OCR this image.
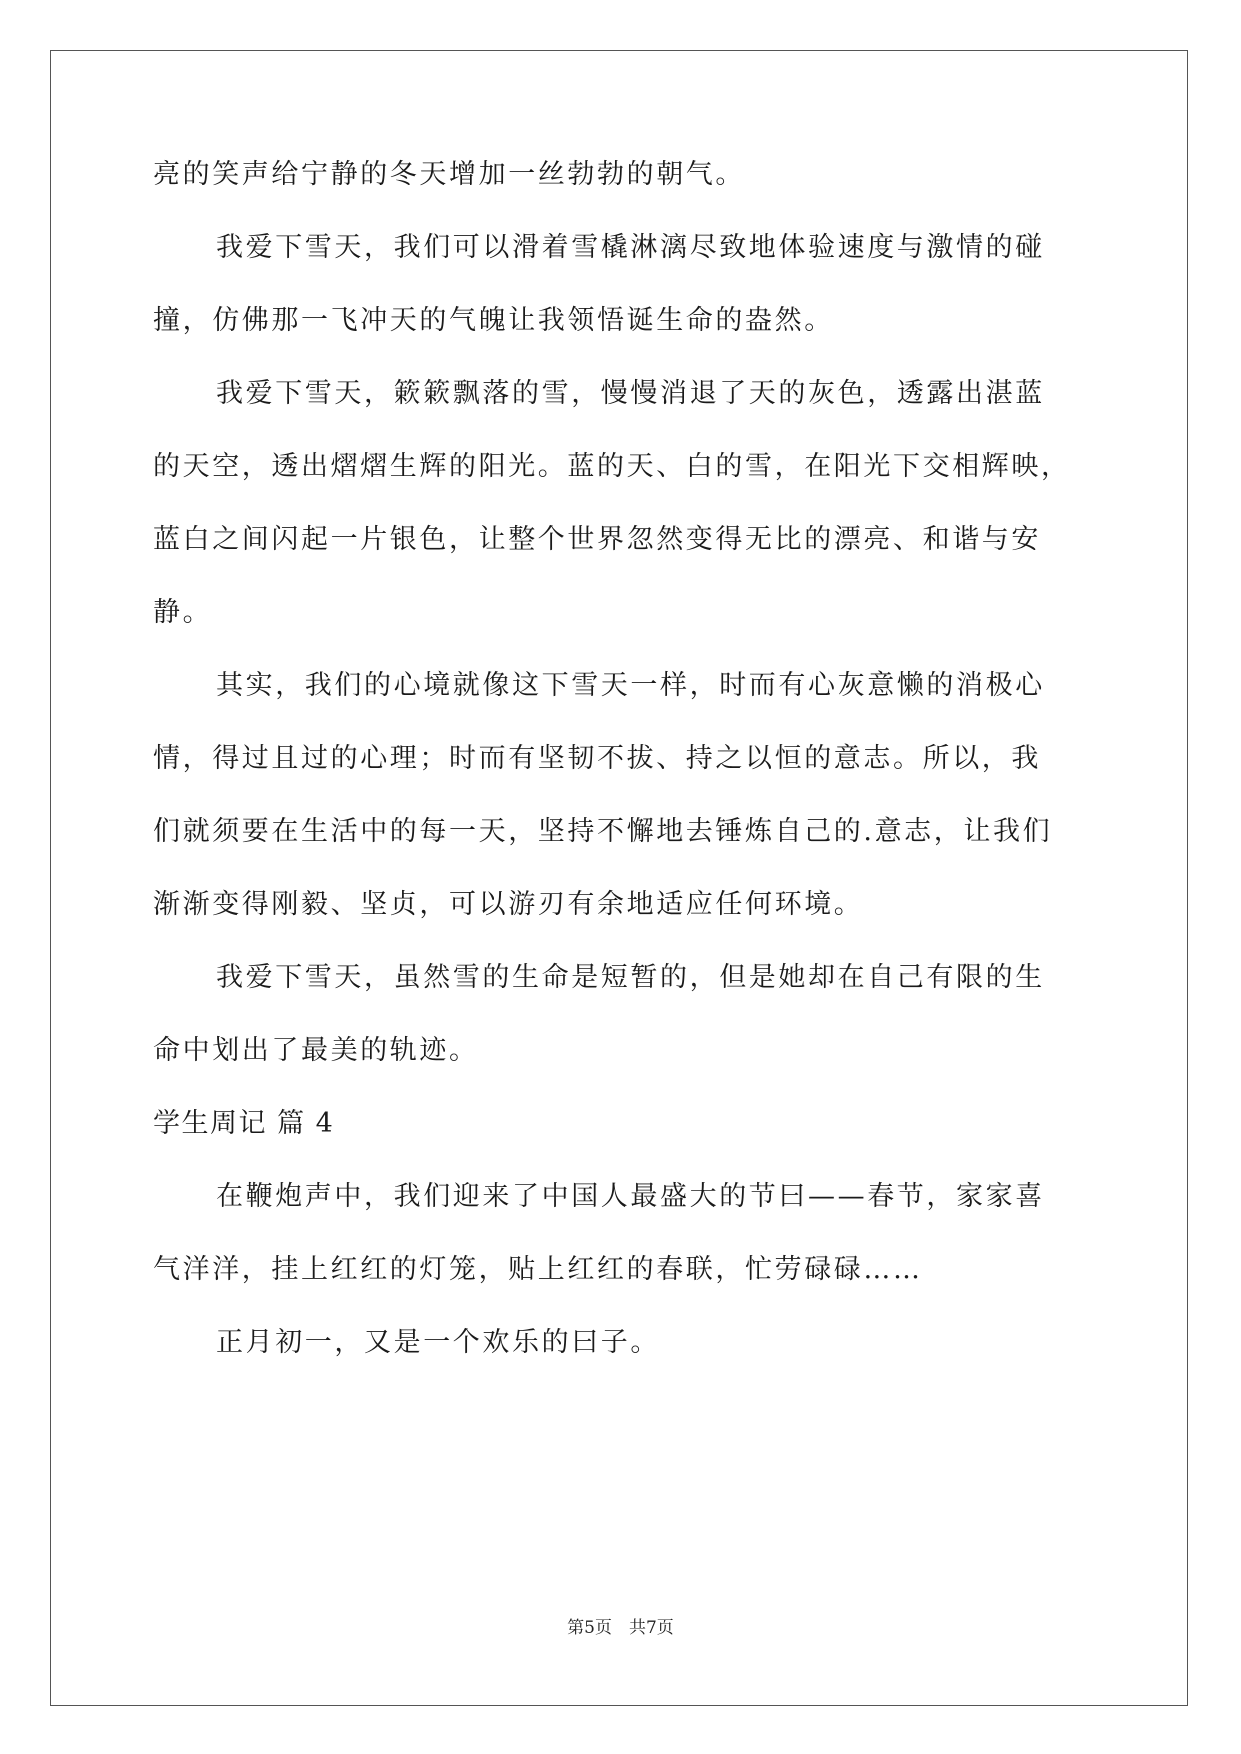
亮的笑声给宁静的冬天增加一丝勃勃的朝气。
我爱下雪天，我们可以滑着雪橇淋漓尽致地体验速度与激情的碰
撞，仿佛那一飞冲天的气魄让我领悟诞生命的盎然。
我爱下雪天，簌簌飘落的雪，慢慢消退了天的灰色，透露出湛蓝
的天空，透出熠熠生辉的阳光。蓝的天、白的雪，在阳光下交相辉映，
蓝白之间闪起一片银色，让整个世界忽然变得无比的漂亮、和谐与安
静。
其实，我们的心境就像这下雪天一样，时而有心灰意懒的消极心
情，得过且过的心理；时而有坚韧不拔、持之以恒的意志。所以，我
们就须要在生活中的每一天，坚持不懈地去锤炼自己的.意志，让我们
渐渐变得刚毅、坚贞，可以游刃有余地适应任何环境。
我爱下雪天，虽然雪的生命是短暂的，但是她却在自己有限的生
命中划出了最美的轨迹。
学生周记 篇 4
在鞭炮声中，我们迎来了中国人最盛大的节曰——春节，家家喜
气洋洋，挂上红红的灯笼，贴上红红的春联，忙劳碌碌……
正月初一，又是一个欢乐的曰子。
第5页　共7页
